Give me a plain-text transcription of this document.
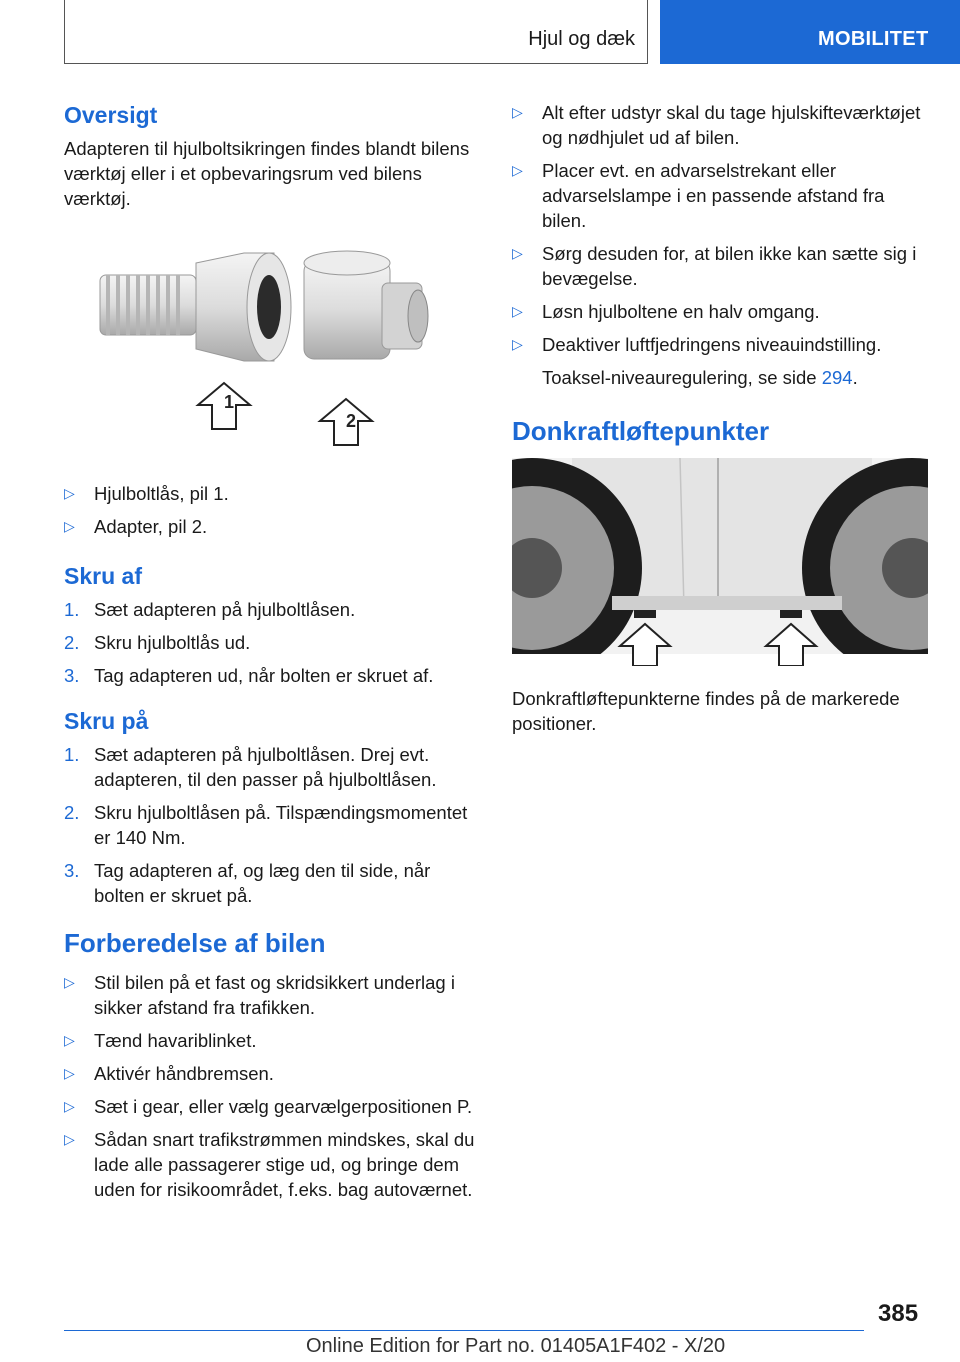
Hjul og dæk	MOBILITET
Oversigt

Adapteren til hjulboltsikringen findes blandt bilens værktøj eller i et opbevaringsrum ved bilens værktøj.

1
2
▷ Hjulboltlås, pil 1.
▷ Adapter, pil 2.
Skru af
1. Sæt adapteren på hjulboltlåsen.
2. Skru hjulboltlås ud.
3. Tag adapteren ud, når bolten er skruet af.
Skru på
1. Sæt adapteren på hjulboltlåsen. Drej evt. adapteren, til den passer på hjulboltlåsen.
2. Skru hjulboltlåsen på. Tilspændingsmomentet er 140 Nm.
3. Tag adapteren af, og læg den til side, når bolten er skruet på.
Forberedelse af bilen
▷ Stil bilen på et fast og skridsikkert underlag i sikker afstand fra trafikken.
▷ Tænd havariblinket.
▷ Aktivér håndbremsen.
▷ Sæt i gear, eller vælg gearvælgerpositionen P.
▷ Sådan snart trafikstrømmen mindskes, skal du lade alle passagerer stige ud, og bringe dem uden for risikoområdet, f.eks. bag autoværnet.
▷ Alt efter udstyr skal du tage hjulskifteværktøjet og nødhjulet ud af bilen.
▷ Placer evt. en advarselstrekant eller advarselslampe i en passende afstand fra bilen.
▷ Sørg desuden for, at bilen ikke kan sætte sig i bevægelse.
▷ Løsn hjulboltene en halv omgang.
▷ Deaktiver luftfjedringens niveauindstilling.

Toaksel-niveauregulering, se side 294.

Donkraftløftepunkter

Donkraftløftepunkterne findes på de markerede positioner.

385
Online Edition for Part no. 01405A1F402 - X/20
